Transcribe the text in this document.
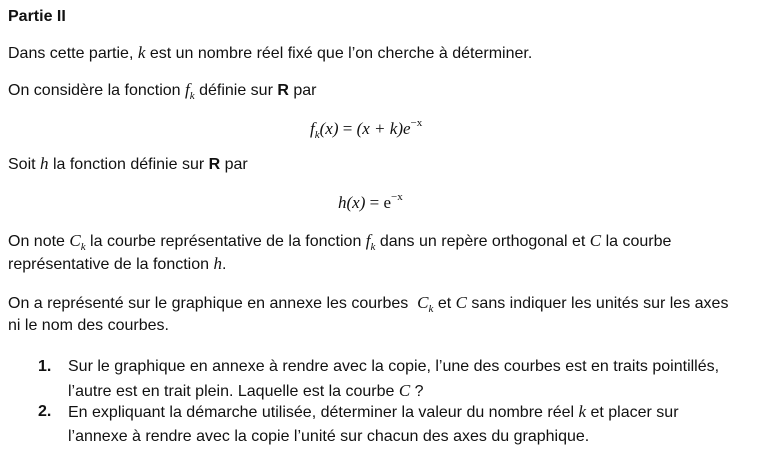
Partie II
Dans cette partie, k est un nombre réel fixé que l’on cherche à déterminer.
On considère la fonction $f_k$ définie sur R par
$f_k(x) = (x + k)e^{-x}$
Soit h la fonction définie sur R par
$h(x) = e^{-x}$
On note $C_k$ la courbe représentative de la fonction $f_k$ dans un repère orthogonal et C la courbe
représentative de la fonction h.
On a représenté sur le graphique en annexe les courbes  $C_k$ et C sans indiquer les unités sur les axes
ni le nom des courbes.
1. Sur le graphique en annexe à rendre avec la copie, l’une des courbes est en traits pointillés,
l’autre est en trait plein. Laquelle est la courbe C ?
2. En expliquant la démarche utilisée, déterminer la valeur du nombre réel k et placer sur
l’annexe à rendre avec la copie l’unité sur chacun des axes du graphique.
